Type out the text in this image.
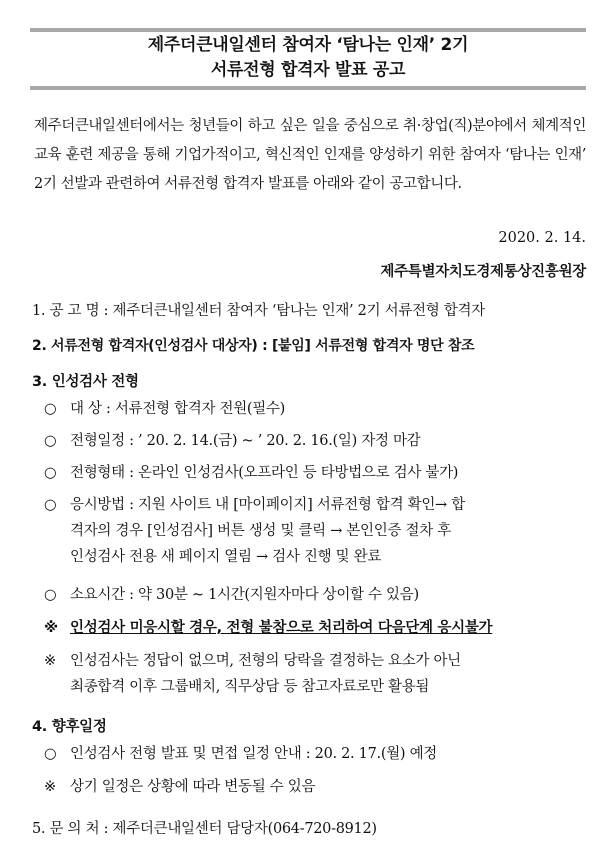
제주더큰내일센터 참여자 ‘탐나는 인재’ 2기
서류전형 합격자 발표 공고
제주더큰내일센터에서는 청년들이 하고 싶은 일을 중심으로 취·창업(직)분야에서 체계적인 교육 훈련 제공을 통해 기업가적이고, 혁신적인 인재를 양성하기 위한 참여자 ‘탐나는 인재’ 2기 선발과 관련하여 서류전형 합격자 발표를 아래와 같이 공고합니다.
2020. 2. 14.
제주특별자치도경제통상진흥원장
1. 공 고 명 : 제주더큰내일센터 참여자 ‘탐나는 인재’ 2기 서류전형 합격자
2. 서류전형 합격자(인성검사 대상자) : [붙임] 서류전형 합격자 명단 참조
3. 인성검사 전형
○ 대 상 : 서류전형 합격자 전원(필수)
○ 전형일정 : ’ 20. 2. 14.(금) ~ ’ 20. 2. 16.(일) 자정 마감
○ 전형형태 : 온라인 인성검사(오프라인 등 타방법으로 검사 불가)
○ 응시방법 : 지원 사이트 내 [마이페이지] 서류전형 합격 확인→ 합
격자의 경우 [인성검사] 버튼 생성 및 클릭 → 본인인증 절차 후
인성검사 전용 새 페이지 열림 → 검사 진행 및 완료
○ 소요시간 : 약 30분 ~ 1시간(지원자마다 상이할 수 있음)
※ 인성검사 미응시할 경우, 전형 불참으로 처리하여 다음단계 응시불가
※ 인성검사는 정답이 없으며, 전형의 당락을 결정하는 요소가 아닌
최종합격 이후 그룹배치, 직무상담 등 참고자료로만 활용됨
4. 향후일정
○ 인성검사 전형 발표 및 면접 일정 안내 : 20. 2. 17.(월) 예정
※ 상기 일정은 상황에 따라 변동될 수 있음
5. 문 의 처 : 제주더큰내일센터 담당자(064-720-8912)
